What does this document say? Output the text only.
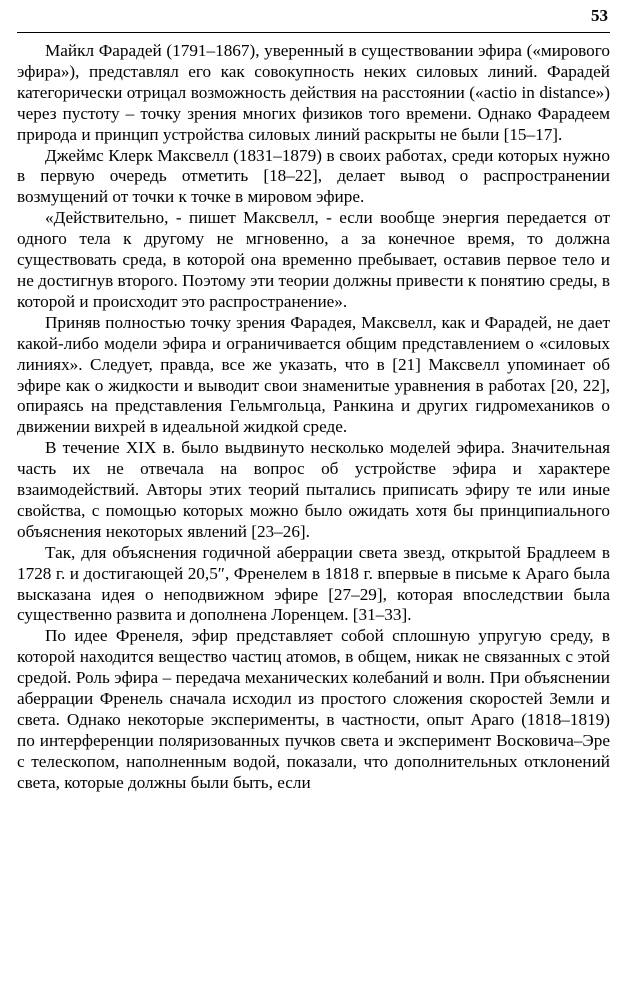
53

Майкл Фарадей (1791–1867), уверенный в существовании эфира («мирового эфира»), представлял его как совокупность неких силовых линий. Фарадей категорически отрицал возможность действия на расстоянии («actio in distance») через пустоту – точку зрения многих физиков того времени. Однако Фарадеем природа и принцип устройства силовых линий раскрыты не были [15–17].

Джеймс Клерк Максвелл (1831–1879) в своих работах, среди которых нужно в первую очередь отметить [18–22], делает вывод о распространении возмущений от точки к точке в мировом эфире.

«Действительно, - пишет Максвелл, - если вообще энергия передается от одного тела к другому не мгновенно, а за конечное время, то должна существовать среда, в которой она временно пребывает, оставив первое тело и не достигнув второго. Поэтому эти теории должны привести к понятию среды, в которой и происходит это распространение».

Приняв полностью точку зрения Фарадея, Максвелл, как и Фарадей, не дает какой-либо модели эфира и ограничивается общим представлением о «силовых линиях». Следует, правда, все же указать, что в [21] Максвелл упоминает об эфире как о жидкости и выводит свои знаменитые уравнения в работах [20, 22], опираясь на представления Гельмгольца, Ранкина и других гидромехаников о движении вихрей в идеальной жидкой среде.

В течение XIX в. было выдвинуто несколько моделей эфира. Значительная часть их не отвечала на вопрос об устройстве эфира и характере взаимодействий. Авторы этих теорий пытались приписать эфиру те или иные свойства, с помощью которых можно было ожидать хотя бы принципиального объяснения некоторых явлений [23–26].

Так, для объяснения годичной аберрации света звезд, открытой Брадлеем в 1728 г. и достигающей 20,5″, Френелем в 1818 г. впервые в письме к Араго была высказана идея о неподвижном эфире [27–29], которая впоследствии была существенно развита и дополнена Лоренцем. [31–33].

По идее Френеля, эфир представляет собой сплошную упругую среду, в которой находится вещество частиц атомов, в общем, никак не связанных с этой средой. Роль эфира – передача механических колебаний и волн. При объяснении аберрации Френель сначала исходил из простого сложения скоростей Земли и света. Однако некоторые эксперименты, в частности, опыт Араго (1818–1819) по интерференции поляризованных пучков света и эксперимент Восковича–Эре с телескопом, наполненным водой, показали, что дополнительных отклонений света, которые должны были быть, если
